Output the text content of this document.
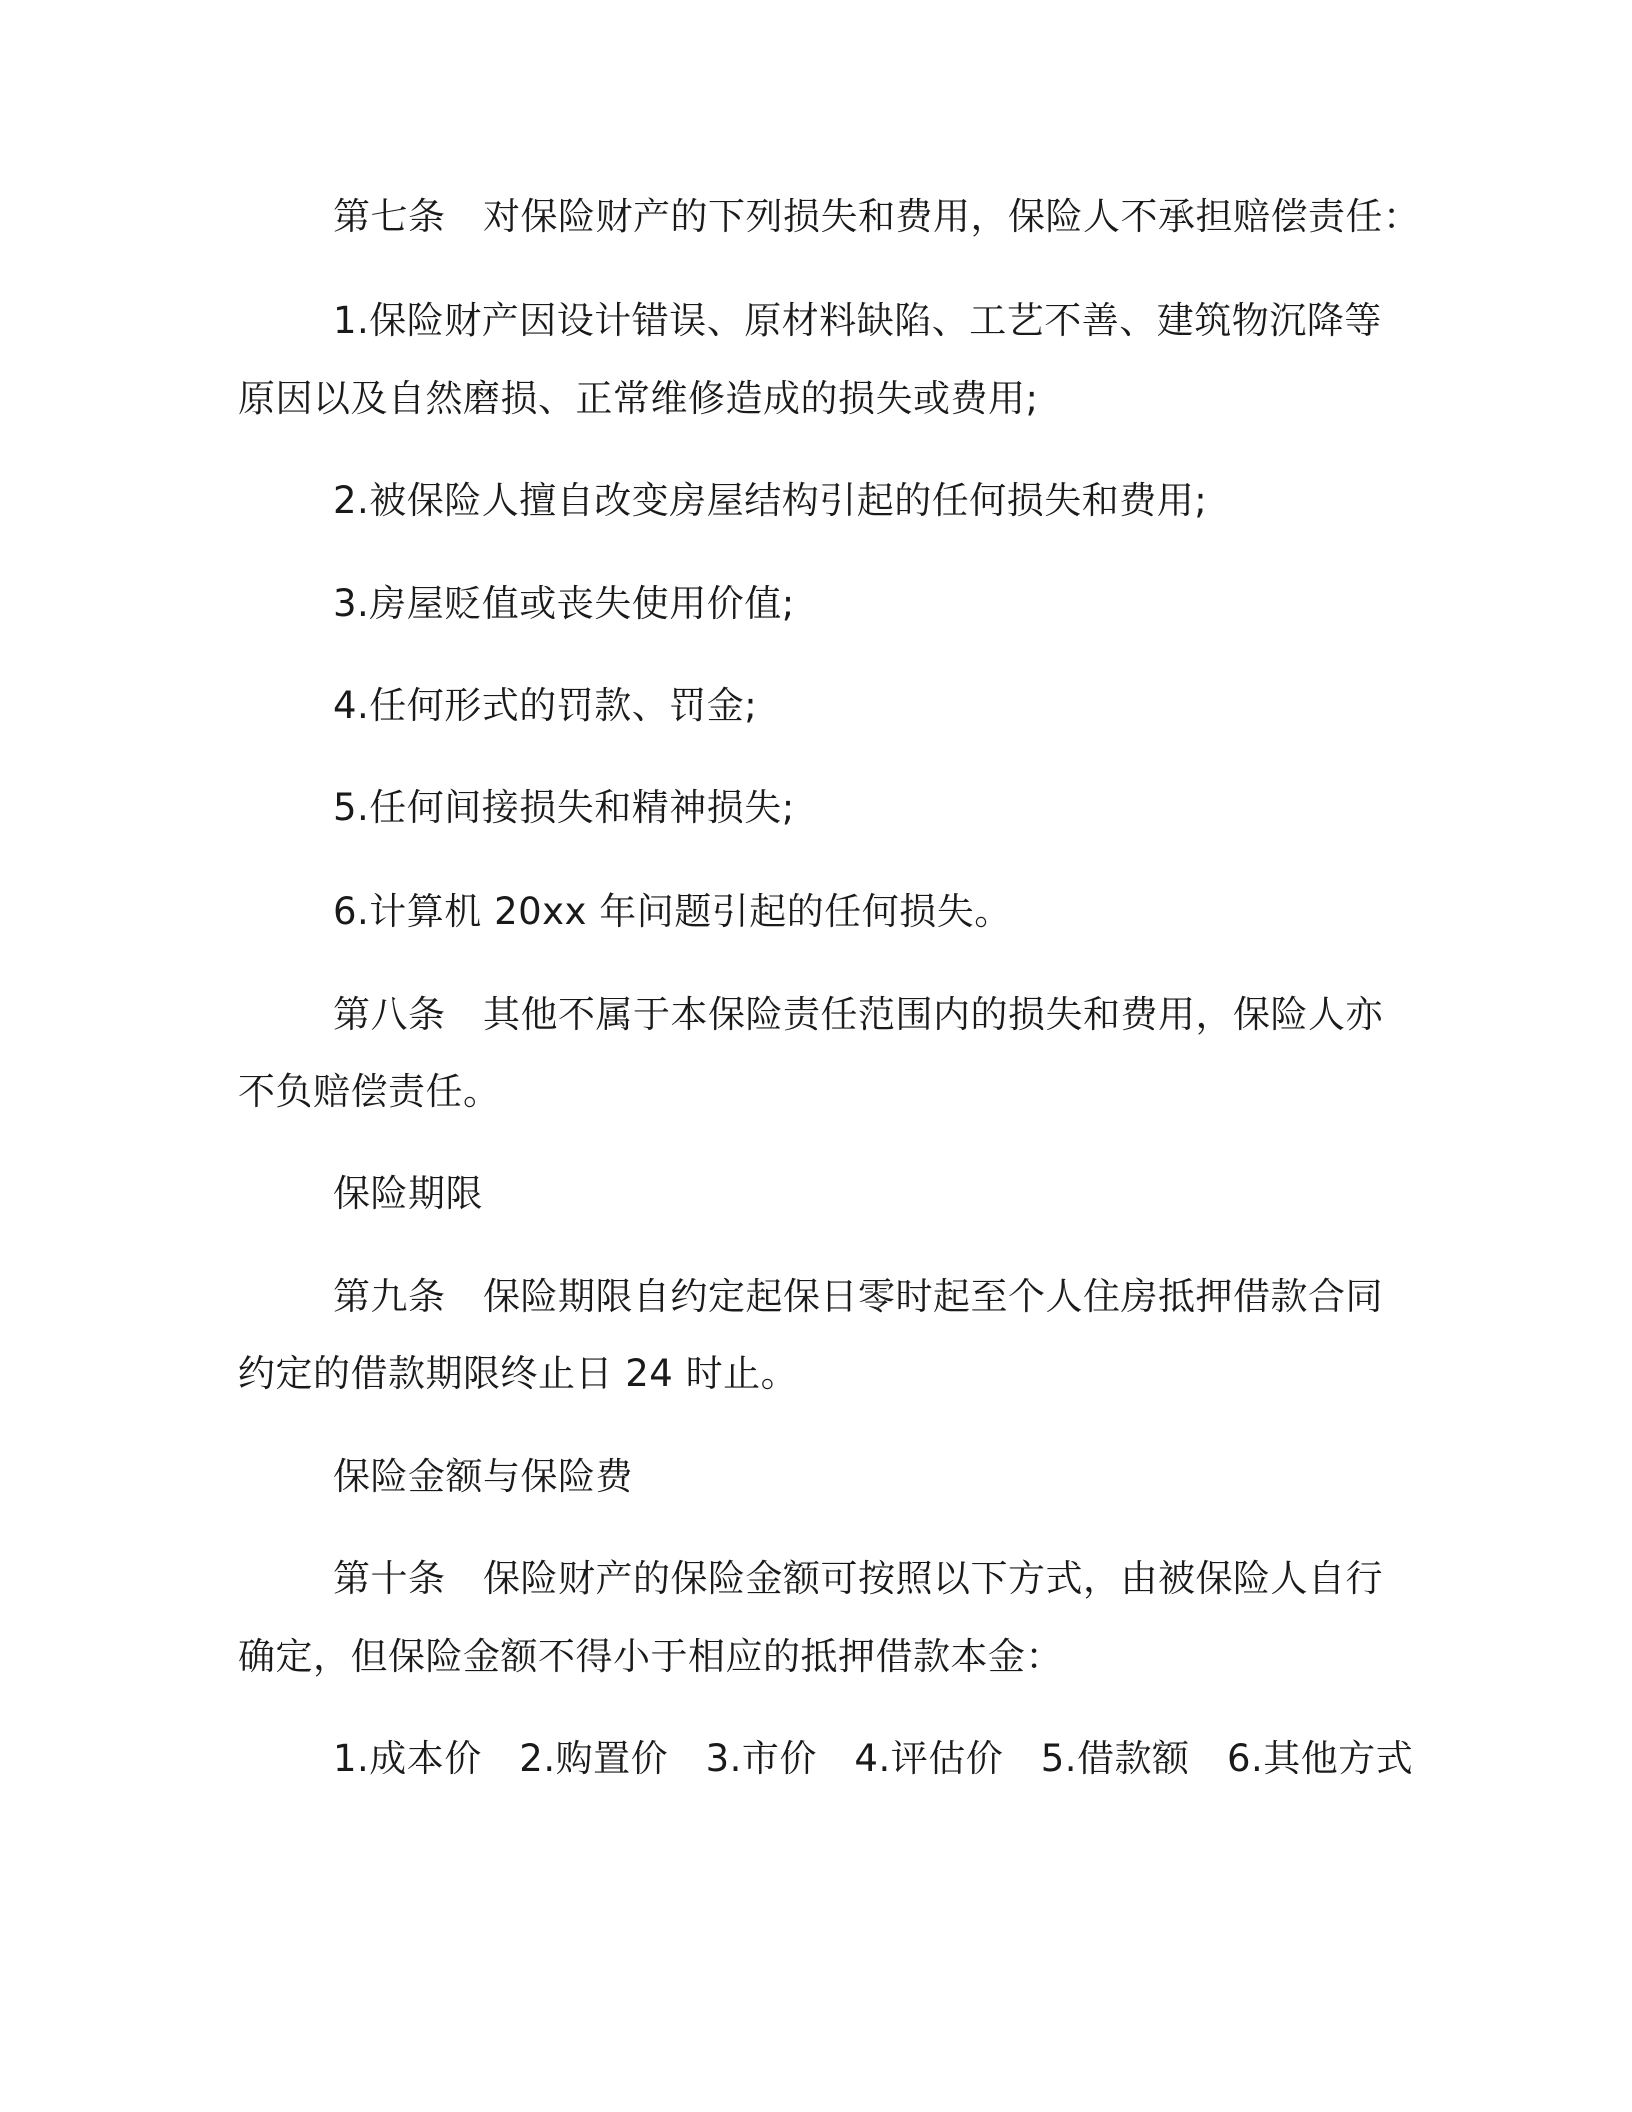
第七条　对保险财产的下列损失和费用，保险人不承担赔偿责任：

1.保险财产因设计错误、原材料缺陷、工艺不善、建筑物沉降等

原因以及自然磨损、正常维修造成的损失或费用;

2.被保险人擅自改变房屋结构引起的任何损失和费用;

3.房屋贬值或丧失使用价值;

4.任何形式的罚款、罚金;

5.任何间接损失和精神损失;

6.计算机 20xx 年问题引起的任何损失。

第八条　其他不属于本保险责任范围内的损失和费用，保险人亦

不负赔偿责任。

保险期限

第九条　保险期限自约定起保日零时起至个人住房抵押借款合同

约定的借款期限终止日 24 时止。

保险金额与保险费

第十条　保险财产的保险金额可按照以下方式，由被保险人自行

确定，但保险金额不得小于相应的抵押借款本金：

1.成本价　2.购置价　3.市价　4.评估价　5.借款额　6.其他方式
